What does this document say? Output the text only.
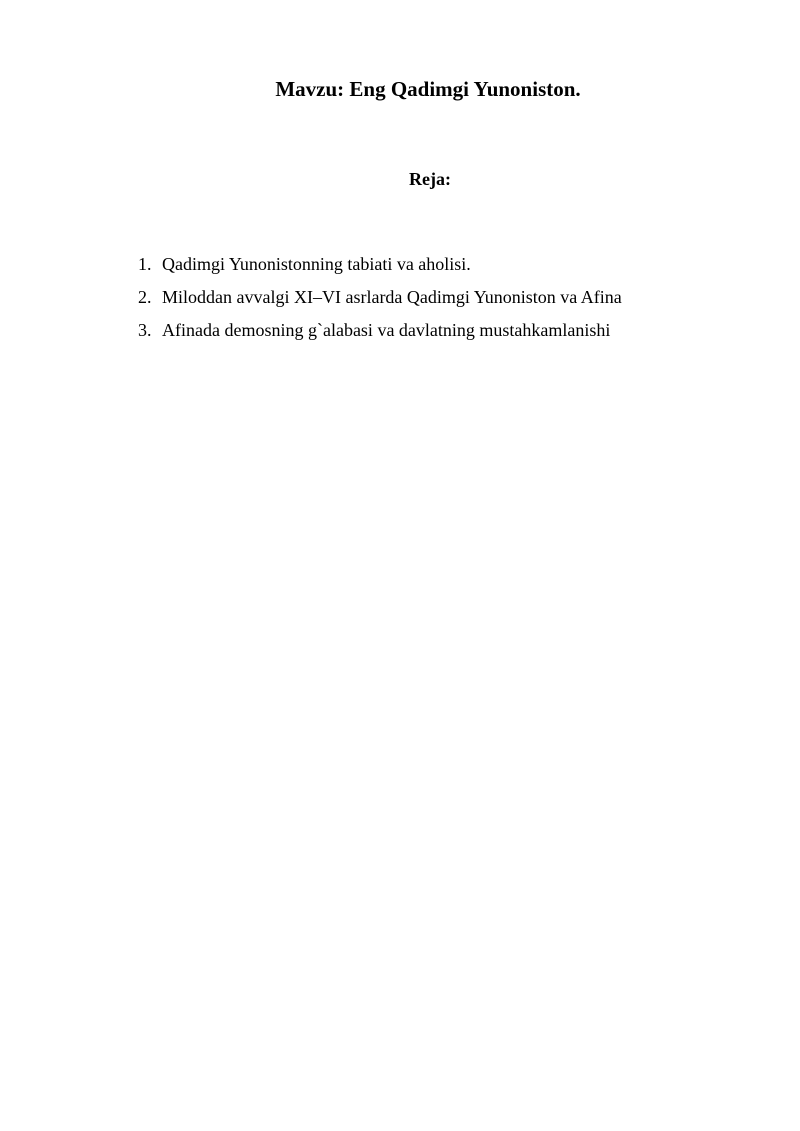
Mavzu: Eng Qadimgi Yunoniston.
Reja:
1. Qadimgi Yunonistonning tabiati va aholisi.
2. Miloddan avvalgi XI–VI asrlarda Qadimgi Yunoniston va Afina
3. Afinada demosning g`alabasi va davlatning mustahkamlanishi
